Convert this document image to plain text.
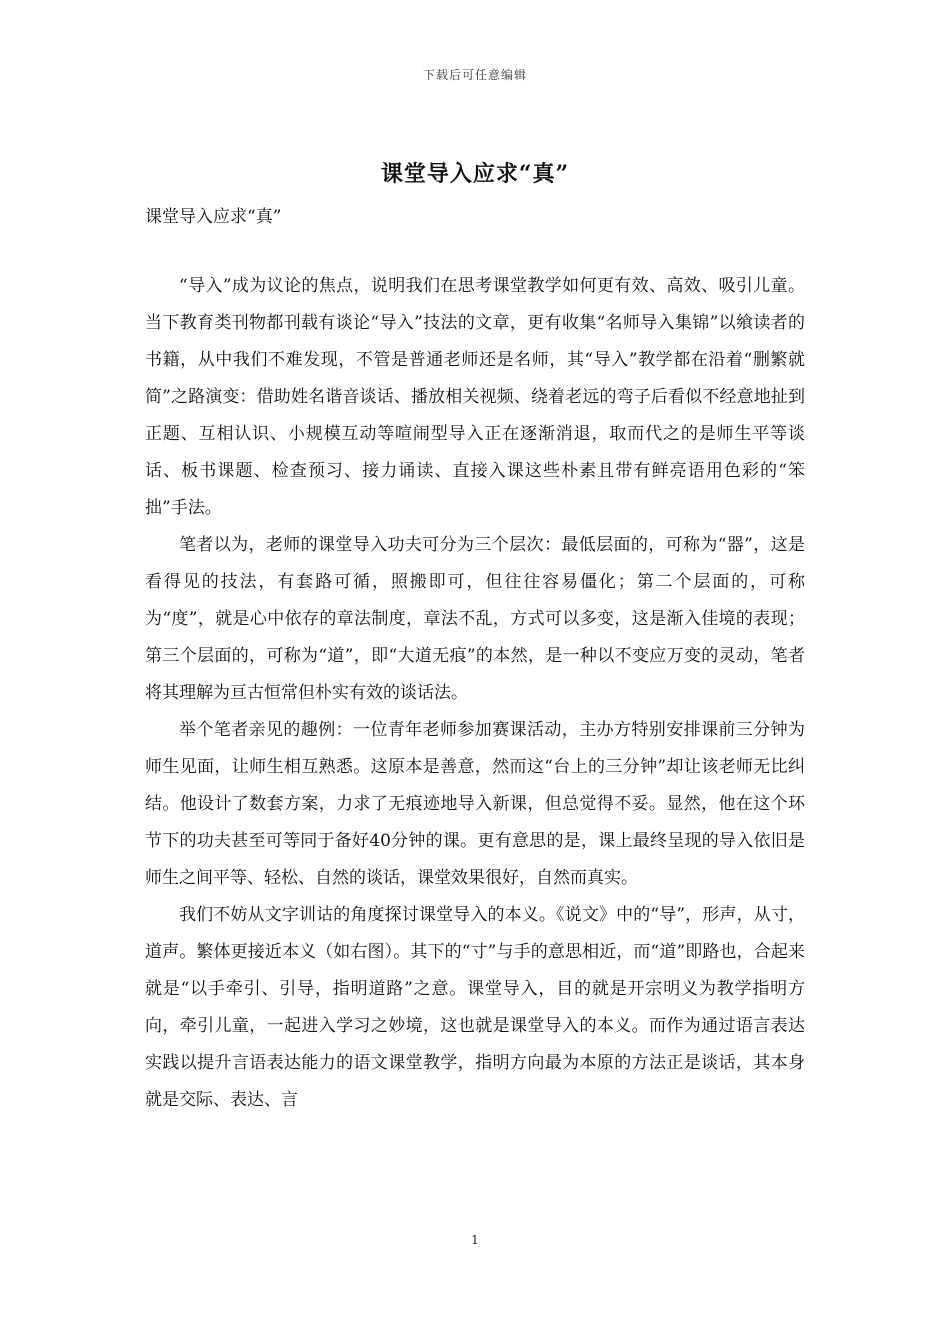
下载后可任意编辑
课堂导入应求“真”

课堂导入应求“真”

“导入”成为议论的焦点，说明我们在思考课堂教学如何更有效、高效、吸引儿童。当下教育类刊物都刊载有谈论“导入”技法的文章，更有收集“名师导入集锦”以飨读者的书籍，从中我们不难发现，不管是普通老师还是名师，其“导入”教学都在沿着“删繁就简”之路演变：借助姓名谐音谈话、播放相关视频、绕着老远的弯子后看似不经意地扯到正题、互相认识、小规模互动等喧闹型导入正在逐渐消退，取而代之的是师生平等谈话、板书课题、检查预习、接力诵读、直接入课这些朴素且带有鲜亮语用色彩的“笨拙”手法。

笔者以为，老师的课堂导入功夫可分为三个层次：最低层面的，可称为“器”，这是看得见的技法，有套路可循，照搬即可，但往往容易僵化；第二个层面的，可称为“度”，就是心中依存的章法制度，章法不乱，方式可以多变，这是渐入佳境的表现；第三个层面的，可称为“道”，即“大道无痕”的本然，是一种以不变应万变的灵动，笔者将其理解为亘古恒常但朴实有效的谈话法。

举个笔者亲见的趣例：一位青年老师参加赛课活动，主办方特别安排课前三分钟为师生见面，让师生相互熟悉。这原本是善意，然而这“台上的三分钟”却让该老师无比纠结。他设计了数套方案，力求了无痕迹地导入新课，但总觉得不妥。显然，他在这个环节下的功夫甚至可等同于备好40分钟的课。更有意思的是，课上最终呈现的导入依旧是师生之间平等、轻松、自然的谈话，课堂效果很好，自然而真实。

我们不妨从文字训诂的角度探讨课堂导入的本义。《说文》中的“导”，形声，从寸，道声。繁体更接近本义（如右图）。其下的“寸”与手的意思相近，而“道”即路也，合起来就是“以手牵引、引导，指明道路”之意。课堂导入，目的就是开宗明义为教学指明方向，牵引儿童，一起进入学习之妙境，这也就是课堂导入的本义。而作为通过语言表达实践以提升言语表达能力的语文课堂教学，指明方向最为本原的方法正是谈话，其本身就是交际、表达、言

1
